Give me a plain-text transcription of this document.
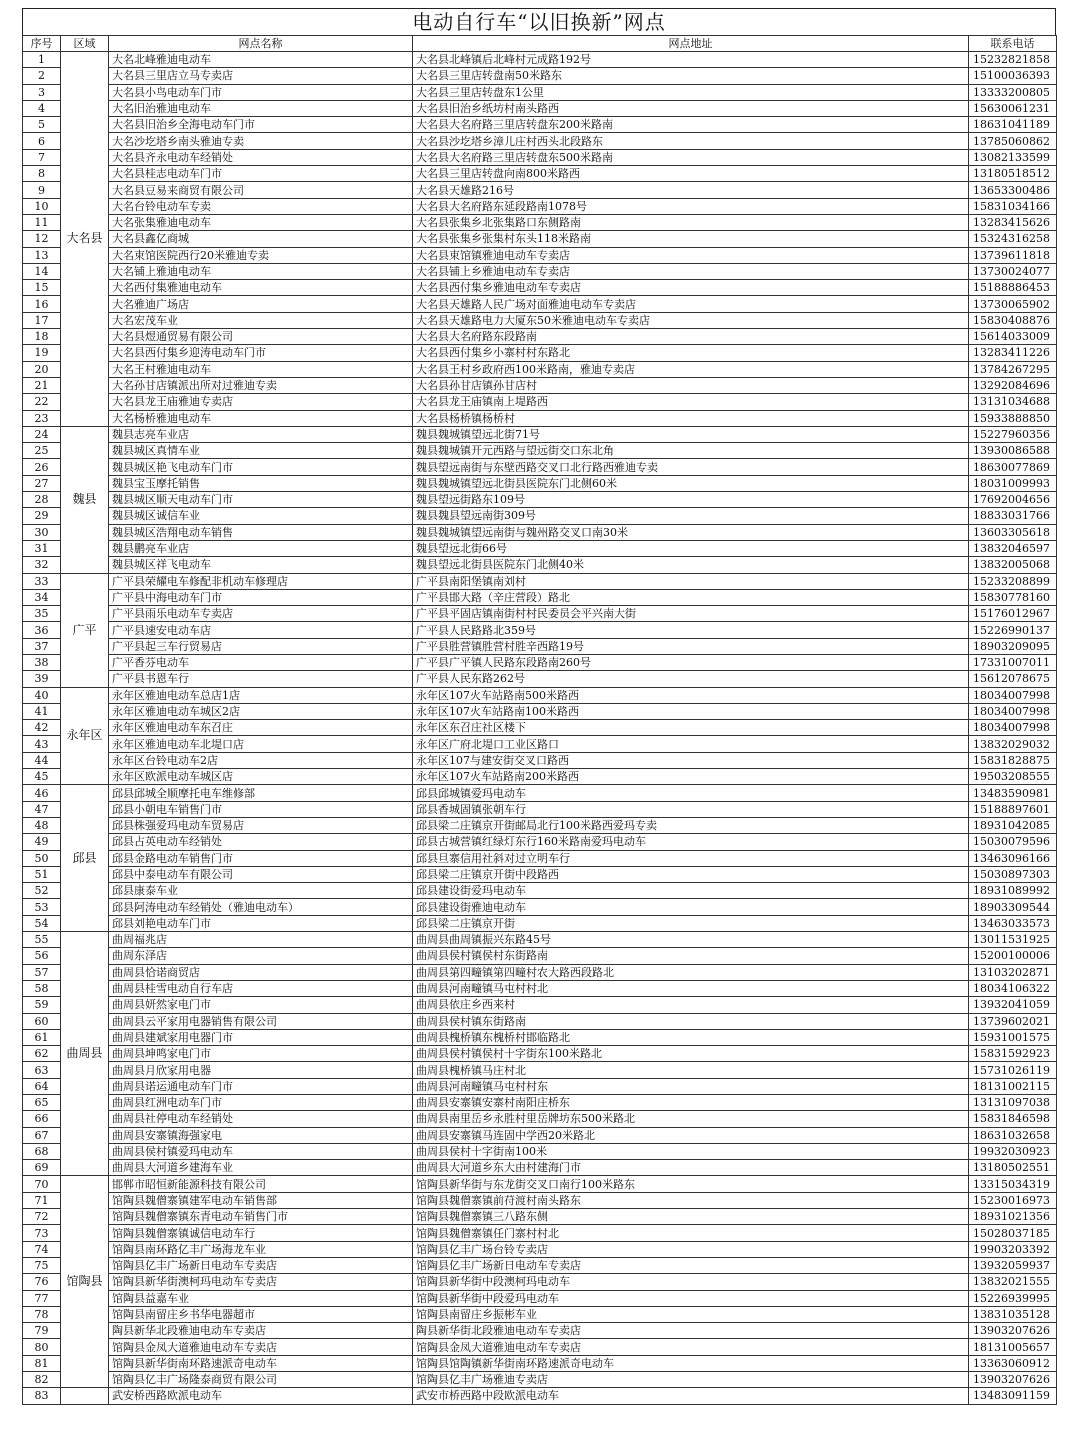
电动自行车“以旧换新”网点
序号	区域	网点名称	网点地址	联系电话
1	大名县	大名北峰雅迪电动车	大名县北峰镇后北峰村元成路192号	15232821858
2		大名县三里店立马专卖店	大名县三里店转盘南50米路东	15100036393
3		大名县小鸟电动车门市	大名县三里店转盘东1公里	13333200805
4		大名旧治雅迪电动车	大名县旧治乡纸坊村南头路西	15630061231
5		大名县旧治乡全海电动车门市	大名县大名府路三里店转盘东200米路南	18631041189
6		大名沙圪塔乡南头雅迪专卖	大名县沙圪塔乡漳儿庄村西头北段路东	13785060862
7		大名县齐永电动车经销处	大名县大名府路三里店转盘东500米路南	13082133599
8		大名县桂志电动车门市	大名县三里店转盘向南800米路西	13180518512
9		大名县豆易来商贸有限公司	大名县天雄路216号	13653300486
10		大名台铃电动车专卖	大名县大名府路东延段路南1078号	15831034166
11		大名张集雅迪电动车	大名县张集乡北张集路口东侧路南	13283415626
12		大名县鑫亿商城	大名县张集乡张集村东头118米路南	15324316258
13		大名束馆医院西行20米雅迪专卖	大名县束馆镇雅迪电动车专卖店	13739611818
14		大名铺上雅迪电动车	大名县铺上乡雅迪电动车专卖店	13730024077
15		大名西付集雅迪电动车	大名县西付集乡雅迪电动车专卖店	15188886453
16		大名雅迪广场店	大名县天雄路人民广场对面雅迪电动车专卖店	13730065902
17		大名宏茂车业	大名县天雄路电力大厦东50米雅迪电动车专卖店	15830408876
18		大名县煜通贸易有限公司	大名县大名府路东段路南	15614033009
19		大名县西付集乡迎涛电动车门市	大名县西付集乡小寨村村东路北	13283411226
20		大名王村雅迪电动车	大名县王村乡政府西100米路南，雅迪专卖店	13784267295
21		大名孙甘店镇派出所对过雅迪专卖	大名县孙甘店镇孙甘店村	13292084696
22		大名县龙王庙雅迪专卖店	大名县龙王庙镇南上堤路西	13131034688
23		大名杨桥雅迪电动车	大名县杨桥镇杨桥村	15933888850
24	魏县	魏县志亮车业店	魏县魏城镇望远北街71号	15227960356
25		魏县城区真情车业	魏县魏城镇开元西路与望远街交口东北角	13930086588
26		魏县城区艳飞电动车门市	魏县望远南街与东壁西路交叉口北行路西雅迪专卖	18630077869
27		魏县宝玉摩托销售	魏县魏城镇望远北街县医院东门北侧60米	18031009993
28		魏县城区顺天电动车门市	魏县望远街路东109号	17692004656
29		魏县城区诚信车业	魏县魏县望远南街309号	18833031766
30		魏县城区浩翔电动车销售	魏县魏城镇望远南街与魏州路交叉口南30米	13603305618
31		魏县鹏亮车业店	魏县望远北街66号	13832046597
32		魏县城区祥飞电动车	魏县望远北街县医院东门北侧40米	13832005068
33	广平	广平县荣耀电车修配非机动车修理店	广平县南阳堡镇南刘村	15233208899
34		广平县中海电动车门市	广平县邯大路（辛庄营段）路北	15830778160
35		广平县雨乐电动车专卖店	广平县平固店镇南街村村民委员会平兴南大街	15176012967
36		广平县速安电动车店	广平县人民路路北359号	15226990137
37		广平县起三车行贸易店	广平县胜营镇胜营村胜辛西路19号	18903209095
38		广平香芬电动车	广平县广平镇人民路东段路南260号	17331007011
39		广平县书恩车行	广平县人民东路262号	15612078675
40	永年区	永年区雅迪电动车总店1店	永年区107火车站路南500米路西	18034007998
41		永年区雅迪电动车城区2店	永年区107火车站路南100米路西	18034007998
42		永年区雅迪电动车东召庄	永年区东召庄社区楼下	18034007998
43		永年区雅迪电动车北堤口店	永年区广府北堤口工业区路口	13832029032
44		永年区台铃电动车2店	永年区107与建安街交叉口路西	15831828875
45		永年区欧派电动车城区店	永年区107火车站路南200米路西	19503208555
46	邱县	邱县邱城全顺摩托电车维修部	邱县邱城镇爱玛电动车	13483590981
47		邱县小朝电车销售门市	邱县香城固镇张朝车行	15188897601
48		邱县株强爱玛电动车贸易店	邱县梁二庄镇京开街邮局北行100米路西爱玛专卖	18931042085
49		邱县占英电动车经销处	邱县古城营镇红绿灯东行160米路南爱玛电动车	15030079596
50		邱县金路电动车销售门市	邱县旦寨信用社斜对过立明车行	13463096166
51		邱县中泰电动车有限公司	邱县梁二庄镇京开街中段路西	15030897303
52		邱县康泰车业	邱县建设街爱玛电动车	18931089992
53		邱县阿涛电动车经销处（雅迪电动车）	邱县建设街雅迪电动车	18903309544
54		邱县刘艳电动车门市	邱县梁二庄镇京开街	13463033573
55	曲周县	曲周福兆店	曲周县曲周镇振兴东路45号	13011531925
56		曲周东泽店	曲周县侯村镇侯村东街路南	15200100006
57		曲周县恰诺商贸店	曲周县第四疃镇第四疃村农大路西段路北	13103202871
58		曲周县桂雪电动自行车店	曲周县河南疃镇马屯村村北	18034106322
59		曲周县妍然家电门市	曲周县依庄乡西来村	13932041059
60		曲周县云平家用电器销售有限公司	曲周县侯村镇东街路南	13739602021
61		曲周县建斌家用电器门市	曲周县槐桥镇东槐桥村邯临路北	15931001575
62		曲周县坤鸣家电门市	曲周县侯村镇侯村十字街东100米路北	15831592923
63		曲周县月欣家用电器	曲周县槐桥镇马庄村北	15731026119
64		曲周县诺运通电动车门市	曲周县河南疃镇马屯村村东	18131002115
65		曲周县红洲电动车门市	曲周县安寨镇安寨村南阳庄桥东	13131097038
66		曲周县社停电动车经销处	曲周县南里岳乡永胜村里岳牌坊东500米路北	15831846598
67		曲周县安寨镇海强家电	曲周县安寨镇马连固中学西20米路北	18631032658
68		曲周县侯村镇爱玛电动车	曲周县侯村十字街南100米	19932030923
69		曲周县大河道乡建海车业	曲周县大河道乡东大由村建海门市	13180502551
70	馆陶县	邯郸市昭恒新能源科技有限公司	馆陶县新华街与东龙街交叉口南行100米路东	13315034319
71		馆陶县魏僧寨镇建军电动车销售部	馆陶县魏僧寨镇前苻渡村南头路东	15230016973
72		馆陶县魏僧寨镇东青电动车销售门市	馆陶县魏僧寨镇三八路东侧	18931021356
73		馆陶县魏僧寨镇诚信电动车行	馆陶县魏僧寨镇任门寨村村北	15028037185
74		馆陶县南环路亿丰广场海龙车业	馆陶县亿丰广场台铃专卖店	19903203392
75		馆陶县亿丰广场新日电动车专卖店	馆陶县亿丰广场新日电动车专卖店	13932059937
76		馆陶县新华街澳柯玛电动车专卖店	馆陶县新华街中段澳柯玛电动车	13832021555
77		馆陶县益嘉车业	馆陶县新华街中段爱玛电动车	15226939995
78		馆陶县南留庄乡书华电器超市	馆陶县南留庄乡振彬车业	13831035128
79		陶县新华北段雅迪电动车专卖店	陶县新华街北段雅迪电动车专卖店	13903207626
80		馆陶县金凤大道雅迪电动车专卖店	馆陶县金凤大道雅迪电动车专卖店	18131005657
81		馆陶县新华街南环路速派奇电动车	馆陶县馆陶镇新华街南环路速派奇电动车	13363060912
82		馆陶县亿丰广场隆泰商贸有限公司	馆陶县亿丰广场雅迪专卖店	13903207626
83		武安桥西路欧派电动车	武安市桥西路中段欧派电动车	13483091159
